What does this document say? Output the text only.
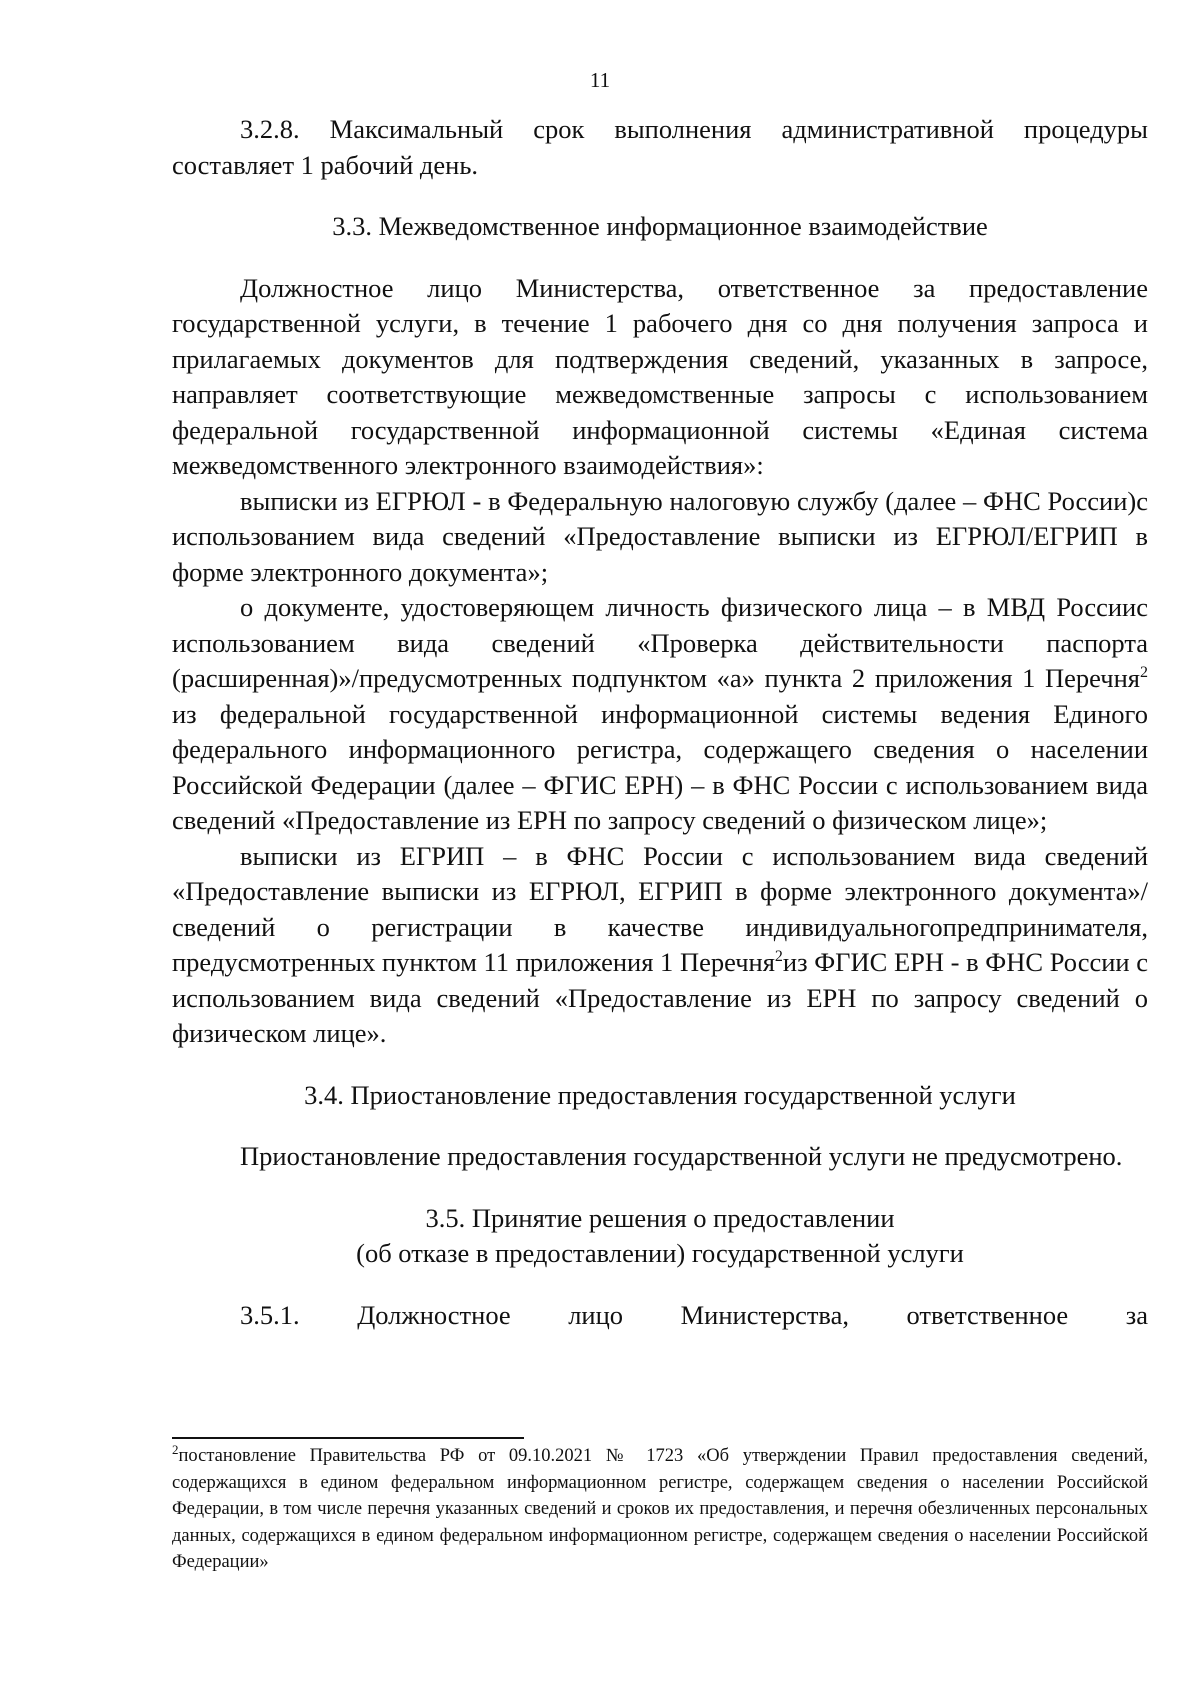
11

3.2.8. Максимальный срок выполнения административной процедуры составляет 1 рабочий день.

3.3. Межведомственное информационное взаимодействие

Должностное лицо Министерства, ответственное за предоставление государственной услуги, в течение 1 рабочего дня со дня получения запроса и прилагаемых документов для подтверждения сведений, указанных в запросе, направляет соответствующие межведомственные запросы с использованием федеральной государственной информационной системы «Единая система межведомственного электронного взаимодействия»:

выписки из ЕГРЮЛ - в Федеральную налоговую службу (далее – ФНС России)с использованием вида сведений «Предоставление выписки из ЕГРЮЛ/ЕГРИП в форме электронного документа»;

о документе, удостоверяющем личность физического лица – в МВД Россиис использованием вида сведений «Проверка действительности паспорта (расширенная)»/предусмотренных подпунктом «а» пункта 2 приложения 1 Перечня$^2$ из федеральной государственной информационной системы ведения Единого федерального информационного регистра, содержащего сведения о населении Российской Федерации (далее – ФГИС ЕРН) – в ФНС России с использованием вида сведений «Предоставление из ЕРН по запросу сведений о физическом лице»;

выписки из ЕГРИП – в ФНС России с использованием вида сведений «Предоставление выписки из ЕГРЮЛ, ЕГРИП в форме электронного документа»/сведений о регистрации в качестве индивидуальногопредпринимателя, предусмотренных пунктом 11 приложения 1 Перечня$^2$из ФГИС ЕРН - в ФНС России с использованием вида сведений «Предоставление из ЕРН по запросу сведений о физическом лице».

3.4. Приостановление предоставления государственной услуги

Приостановление предоставления государственной услуги не предусмотрено.

3.5. Принятие решения о предоставлении
(об отказе в предоставлении) государственной услуги

3.5.1. Должностное лицо Министерства, ответственное за

$^2$постановление Правительства РФ от 09.10.2021 № 1723 «Об утверждении Правил предоставления сведений, содержащихся в едином федеральном информационном регистре, содержащем сведения о населении Российской Федерации, в том числе перечня указанных сведений и сроков их предоставления, и перечня обезличенных персональных данных, содержащихся в едином федеральном информационном регистре, содержащем сведения о населении Российской Федерации»
